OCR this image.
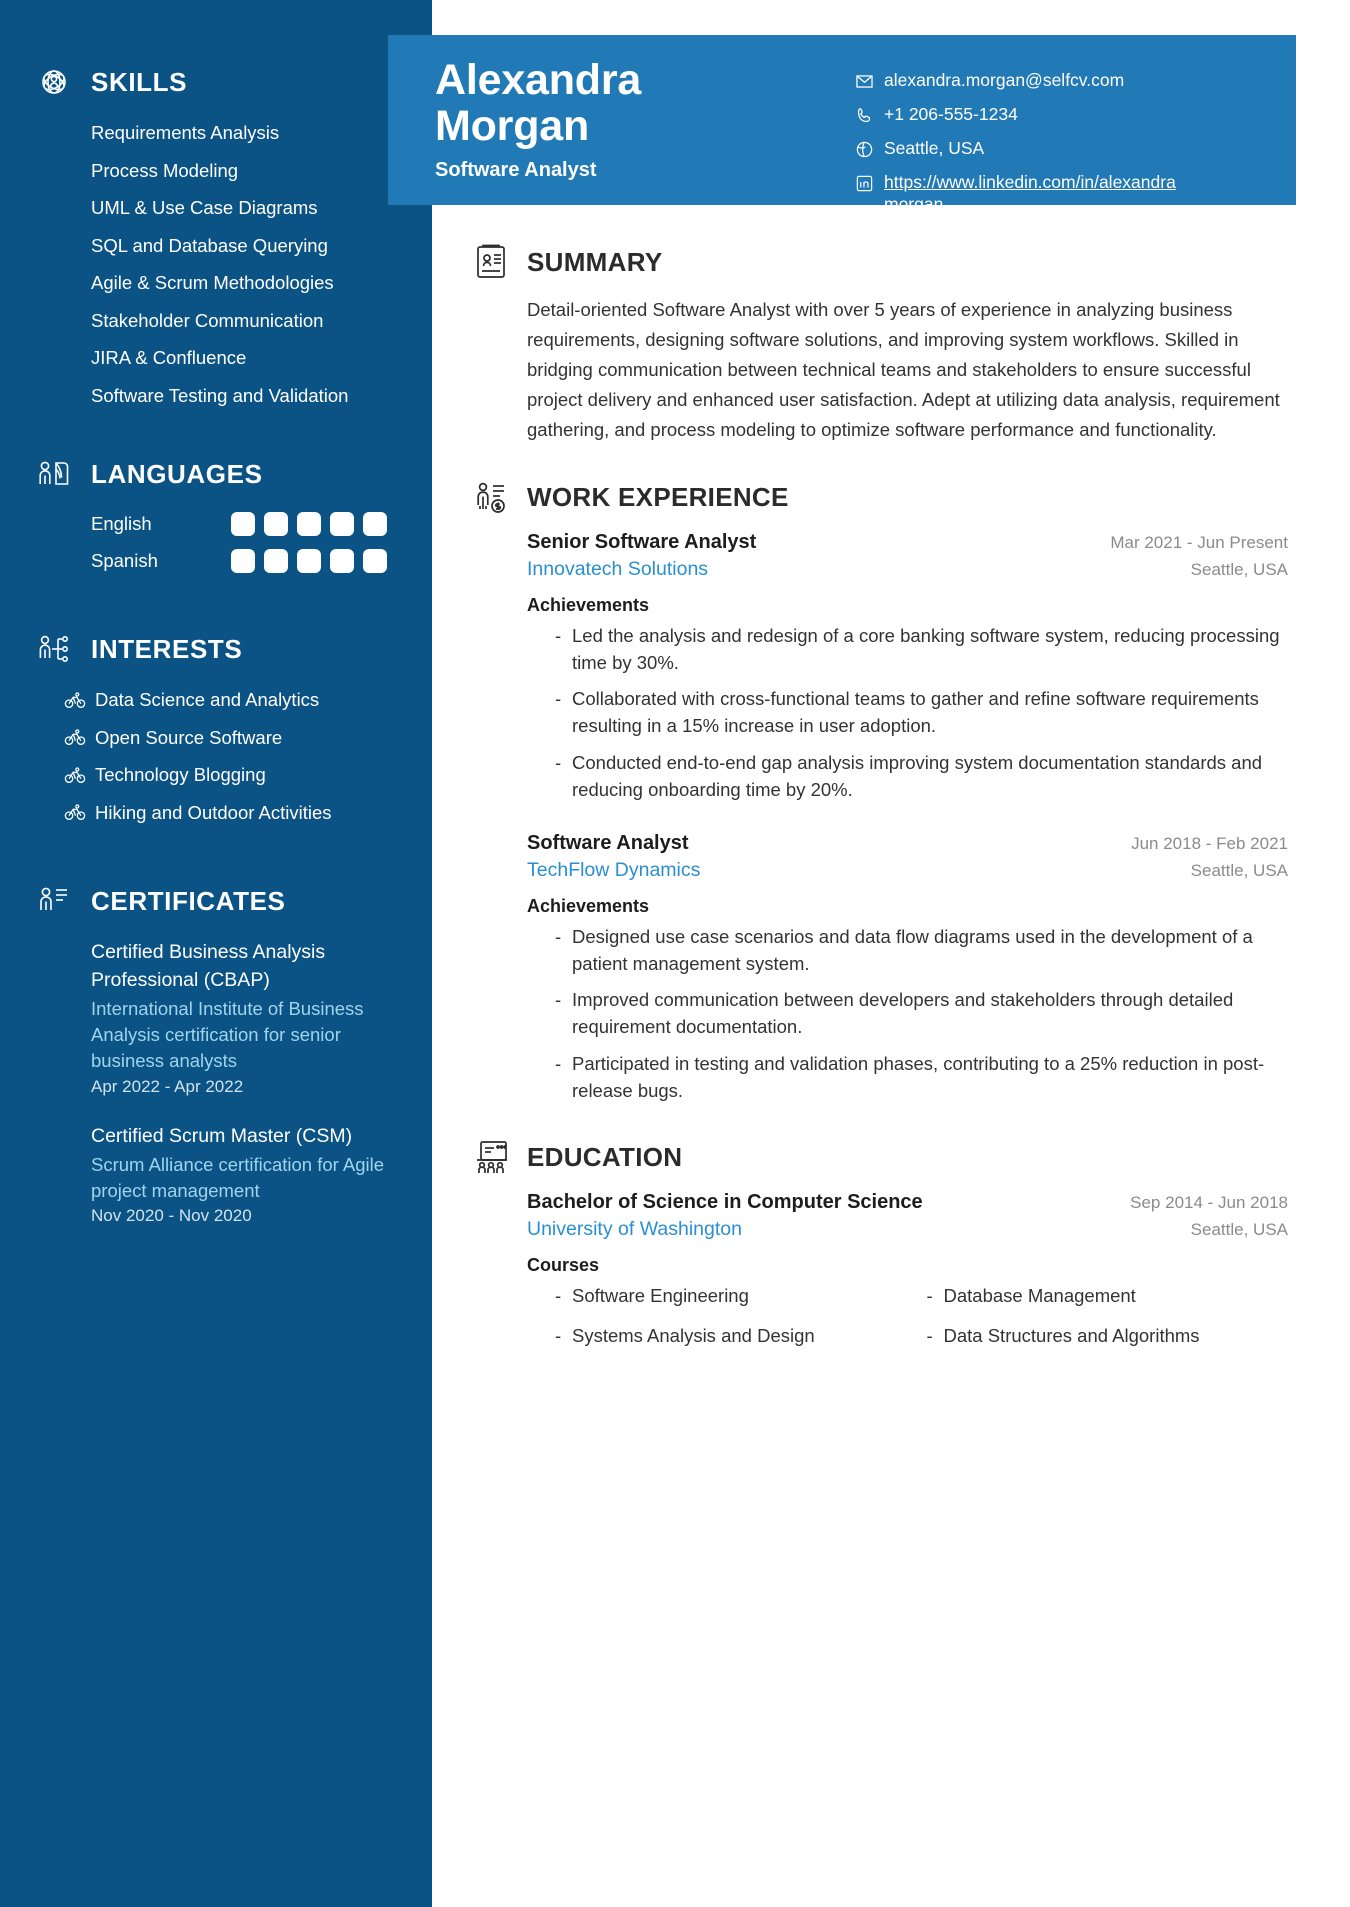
SKILLS
Requirements Analysis
Process Modeling
UML & Use Case Diagrams
SQL and Database Querying
Agile & Scrum Methodologies
Stakeholder Communication
JIRA & Confluence
Software Testing and Validation
LANGUAGES
English
Spanish
INTERESTS
Data Science and Analytics
Open Source Software
Technology Blogging
Hiking and Outdoor Activities
CERTIFICATES
Certified Business Analysis Professional (CBAP)
International Institute of Business Analysis certification for senior business analysts
Apr 2022 - Apr 2022
Certified Scrum Master (CSM)
Scrum Alliance certification for Agile project management
Nov 2020 - Nov 2020
Alexandra
Morgan
Software Analyst
alexandra.morgan@selfcv.com
+1 206-555-1234
Seattle, USA
https://www.linkedin.com/in/alexandra morgan
SUMMARY

Detail-oriented Software Analyst with over 5 years of experience in analyzing business requirements, designing software solutions, and improving system workflows. Skilled in bridging communication between technical teams and stakeholders to ensure successful project delivery and enhanced user satisfaction. Adept at utilizing data analysis, requirement gathering, and process modeling to optimize software performance and functionality.

WORK EXPERIENCE
Senior Software Analyst	Mar 2021 - Jun Present
Innovatech Solutions	Seattle, USA
Achievements
- Led the analysis and redesign of a core banking software system, reducing processing time by 30%.
- Collaborated with cross-functional teams to gather and refine software requirements resulting in a 15% increase in user adoption.
- Conducted end-to-end gap analysis improving system documentation standards and reducing onboarding time by 20%.
Software Analyst	Jun 2018 - Feb 2021
TechFlow Dynamics	Seattle, USA
Achievements
- Designed use case scenarios and data flow diagrams used in the development of a patient management system.
- Improved communication between developers and stakeholders through detailed requirement documentation.
- Participated in testing and validation phases, contributing to a 25% reduction in post-release bugs.
EDUCATION
Bachelor of Science in Computer Science	Sep 2014 - Jun 2018
University of Washington	Seattle, USA
Courses
- Software Engineering	- Database Management
- Systems Analysis and Design	- Data Structures and Algorithms
